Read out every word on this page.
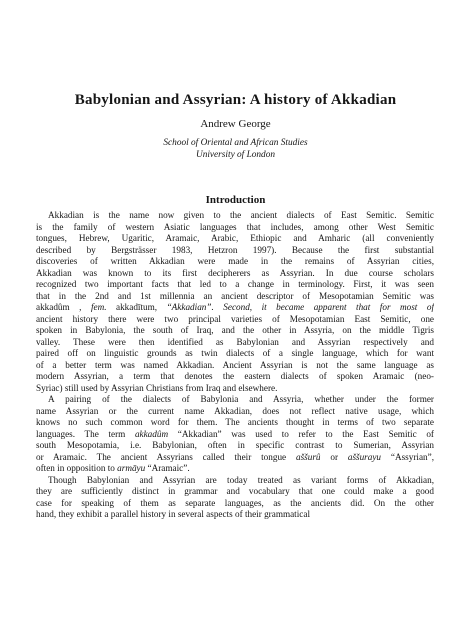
Babylonian and Assyrian: A history of Akkadian

Andrew George

School of Oriental and African Studies

University of London

Introduction
Akkadian is the name now given to the ancient dialects of East Semitic. Semitic
is the family of western Asiatic languages that includes, among other West Semitic
tongues, Hebrew, Ugaritic, Aramaic, Arabic, Ethiopic and Amharic (all conveniently
described by Bergsträsser 1983, Hetzron 1997). Because the first substantial
discoveries of written Akkadian were made in the remains of Assyrian cities,
Akkadian was known to its first decipherers as Assyrian. In due course scholars
recognized two important facts that led to a change in terminology. First, it was seen
that in the 2nd and 1st millennia an ancient descriptor of Mesopotamian Semitic was
akkadûm , fem. akkadītum, “Akkadian”. Second, it became apparent that for most of
ancient history there were two principal varieties of Mesopotamian East Semitic, one
spoken in Babylonia, the south of Iraq, and the other in Assyria, on the middle Tigris
valley. These were then identified as Babylonian and Assyrian respectively and
paired off on linguistic grounds as twin dialects of a single language, which for want
of a better term was named Akkadian. Ancient Assyrian is not the same language as
modern Assyrian, a term that denotes the eastern dialects of spoken Aramaic (neo-
Syriac) still used by Assyrian Christians from Iraq and elsewhere.
A pairing of the dialects of Babylonia and Assyria, whether under the former
name Assyrian or the current name Akkadian, does not reflect native usage, which
knows no such common word for them. The ancients thought in terms of two separate
languages. The term akkadûm “Akkadian” was used to refer to the East Semitic of
south Mesopotamia, i.e. Babylonian, often in specific contrast to Sumerian, Assyrian
or Aramaic. The ancient Assyrians called their tongue aššurû or aššurayu “Assyrian”,
often in opposition to armāyu “Aramaic”.
Though Babylonian and Assyrian are today treated as variant forms of Akkadian,
they are sufficiently distinct in grammar and vocabulary that one could make a good
case for speaking of them as separate languages, as the ancients did. On the other
hand, they exhibit a parallel history in several aspects of their grammatical
